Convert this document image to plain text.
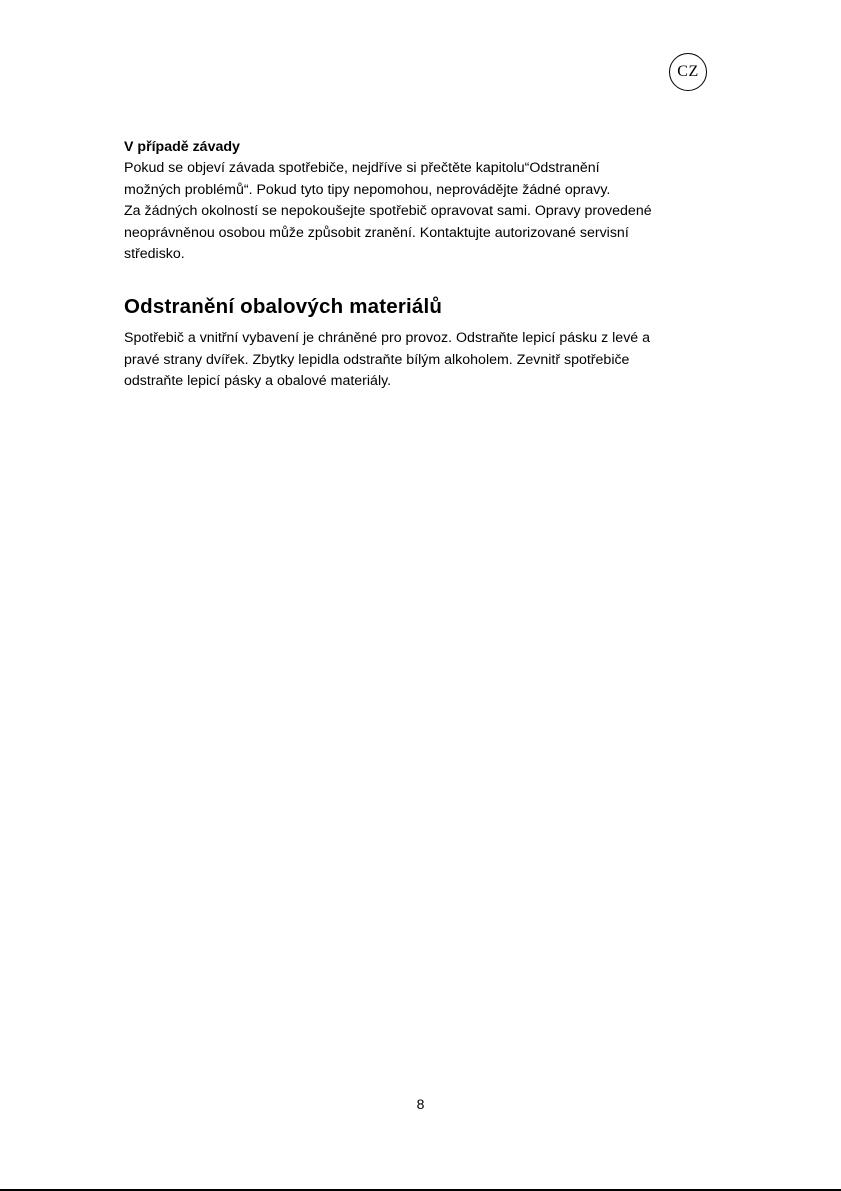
CZ
V případě závady

Pokud se objeví závada spotřebiče, nejdříve si přečtěte kapitolu“Odstranění
možných problémů“. Pokud tyto tipy nepomohou, neprovádějte žádné opravy.
Za žádných okolností se nepokoušejte spotřebič opravovat sami. Opravy provedené
neoprávněnou osobou může způsobit zranění. Kontaktujte autorizované servisní
středisko.

Odstranění obalových materiálů

Spotřebič a vnitřní vybavení je chráněné pro provoz. Odstraňte lepicí pásku z levé a
pravé strany dvířek. Zbytky lepidla odstraňte bílým alkoholem. Zevnitř spotřebiče
odstraňte lepicí pásky a obalové materiály.

8
